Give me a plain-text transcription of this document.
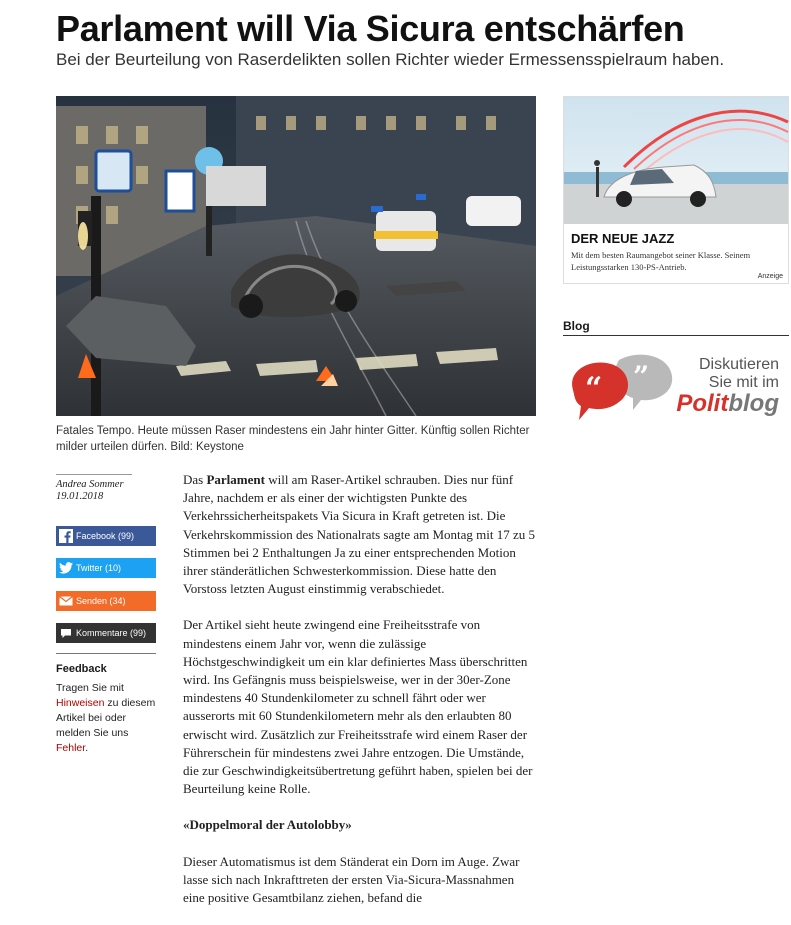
Parlament will Via Sicura entschärfen
Bei der Beurteilung von Raserdelikten sollen Richter wieder Ermessensspielraum haben.
Fatales Tempo. Heute müssen Raser mindestens ein Jahr hinter Gitter. Künftig sollen Richter milder urteilen dürfen. Bild: Keystone
Andrea Sommer
19.01.2018
Facebook (99)
Twitter (10)
Senden (34)
Kommentare (99)
Feedback
Tragen Sie mit Hinweisen zu diesem Artikel bei oder melden Sie uns Fehler.

Das Parlament will am Raser-Artikel schrauben. Dies nur fünf Jahre, nachdem er als einer der wichtigsten Punkte des Verkehrssicherheitspakets Via Sicura in Kraft getreten ist. Die Verkehrskommission des Nationalrats sagte am Montag mit 17 zu 5 Stimmen bei 2 Enthaltungen Ja zu einer entsprechenden Motion ihrer ständerätlichen Schwesterkommission. Diese hatte den Vorstoss letzten August einstimmig verabschiedet.

Der Artikel sieht heute zwingend eine Freiheitsstrafe von mindestens einem Jahr vor, wenn die zulässige Höchstgeschwindigkeit um ein klar definiertes Mass überschritten wird. Ins Gefängnis muss beispielsweise, wer in der 30er-Zone mindestens 40 Stundenkilometer zu schnell fährt oder wer ausserorts mit 60 Stundenkilometern mehr als den erlaubten 80 erwischt wird. Zusätzlich zur Freiheitsstrafe wird einem Raser der Führerschein für mindestens zwei Jahre entzogen. Die Umstände, die zur Geschwindigkeitsübertretung geführt haben, spielen bei der Beurteilung keine Rolle.

«Doppelmoral der Autolobby»

Dieser Automatismus ist dem Ständerat ein Dorn im Auge. Zwar lasse sich nach Inkrafttreten der ersten Via-Sicura-Massnahmen eine positive Gesamtbilanz ziehen, befand die

DER NEUE JAZZ
Mit dem besten Raumangebot seiner Klasse. Seinem Leistungsstarken 130-PS-Antrieb.
Anzeige
Blog
“ ”	Diskutieren
Sie mit im
Politblog
